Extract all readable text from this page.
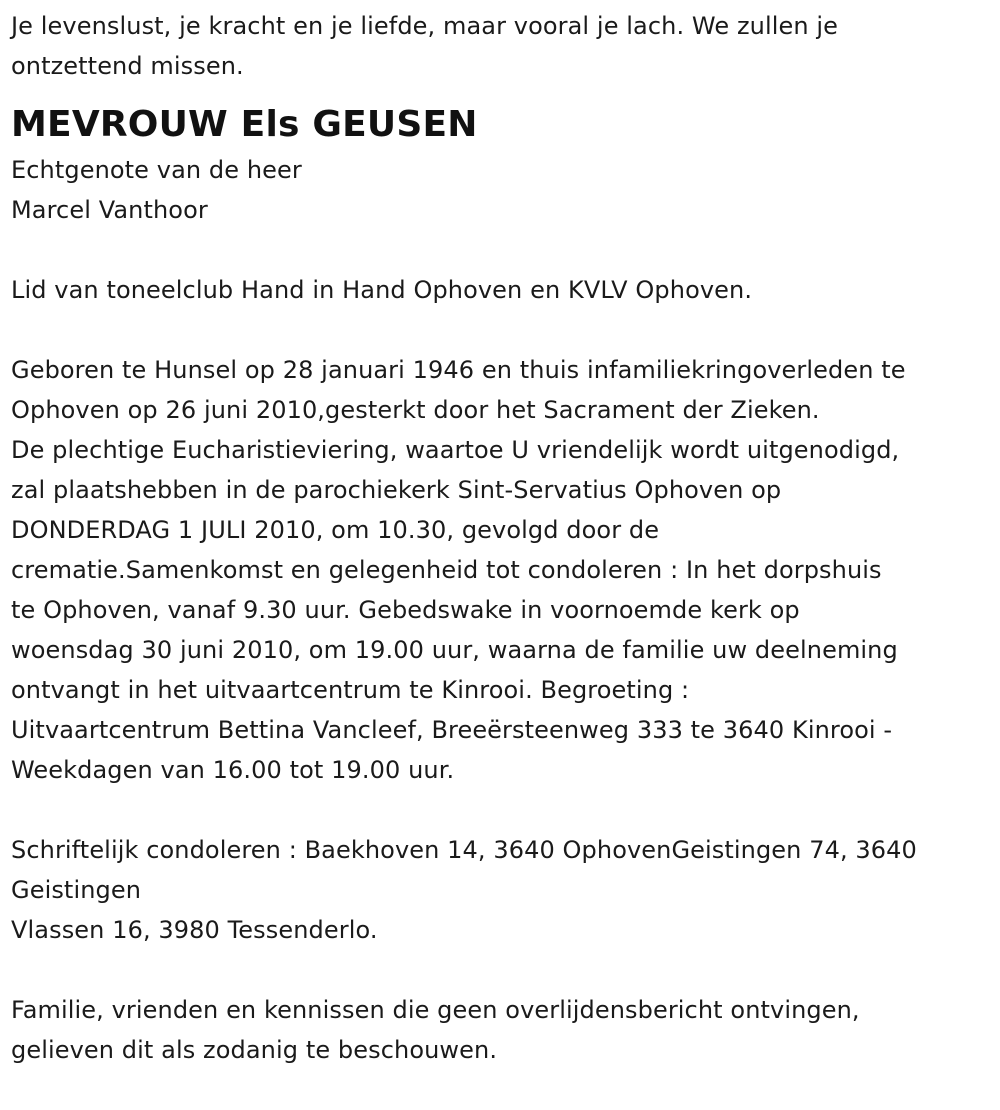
Je levenslust, je kracht en je liefde, maar vooral je lach. We zullen je
ontzettend missen.

MEVROUW Els GEUSEN

Echtgenote van de heer
Marcel Vanthoor

Lid van toneelclub Hand in Hand Ophoven en KVLV Ophoven.

Geboren te Hunsel op 28 januari 1946 en thuis infamiliekringoverleden te
Ophoven op 26 juni 2010,gesterkt door het Sacrament der Zieken.
De plechtige Eucharistieviering, waartoe U vriendelijk wordt uitgenodigd,
zal plaatshebben in de parochiekerk Sint-Servatius Ophoven op
DONDERDAG 1 JULI 2010, om 10.30, gevolgd door de
crematie.Samenkomst en gelegenheid tot condoleren : In het dorpshuis
te Ophoven, vanaf 9.30 uur. Gebedswake in voornoemde kerk op
woensdag 30 juni 2010, om 19.00 uur, waarna de familie uw deelneming
ontvangt in het uitvaartcentrum te Kinrooi. Begroeting :
Uitvaartcentrum Bettina Vancleef, Breeërsteenweg 333 te 3640 Kinrooi -
Weekdagen van 16.00 tot 19.00 uur.

Schriftelijk condoleren : Baekhoven 14, 3640 OphovenGeistingen 74, 3640
Geistingen
Vlassen 16, 3980 Tessenderlo.

Familie, vrienden en kennissen die geen overlijdensbericht ontvingen,
gelieven dit als zodanig te beschouwen.
